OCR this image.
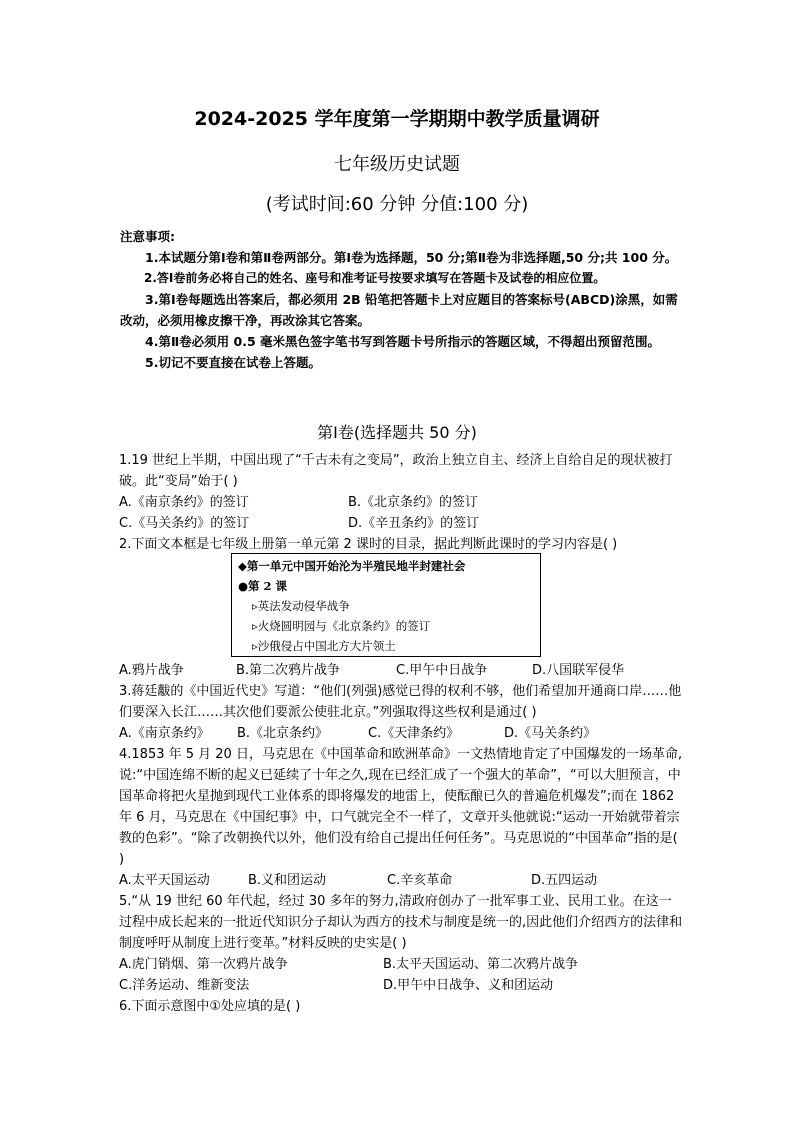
2024-2025 学年度第一学期期中教学质量调研
七年级历史试题
(考试时间:60 分钟 分值:100 分)

注意事项:

1.本试题分第Ⅰ卷和第Ⅱ卷两部分。第Ⅰ卷为选择题，50 分;第Ⅱ卷为非选择题,50 分;共 100 分。

2.答Ⅰ卷前务必将自己的姓名、座号和准考证号按要求填写在答题卡及试卷的相应位置。

3.第Ⅰ卷每题选出答案后，都必须用 2B 铅笔把答题卡上对应题目的答案标号(ABCD)涂黑，如需改动，必须用橡皮擦干净，再改涂其它答案。

4.第Ⅱ卷必须用 0.5 毫米黑色签字笔书写到答题卡号所指示的答题区域，不得超出预留范围。

5.切记不要直接在试卷上答题。

第Ⅰ卷(选择题共 50 分)
1.19 世纪上半期，中国出现了“千古未有之变局”，政治上独立自主、经济上自给自足的现状被打破。此“变局”始于( )
A.《南京条约》的签订	B.《北京条约》的签订
C.《马关条约》的签订	D.《辛丑条约》的签订
2.下面文本框是七年级上册第一单元第 2 课时的目录，据此判断此课时的学习内容是( )
◆第一单元中国开始沦为半殖民地半封建社会
●第 2 课
▹英法发动侵华战争
▹火烧圆明园与《北京条约》的签订
▹沙俄侵占中国北方大片领土
A.鸦片战争	B.第二次鸦片战争	C.甲午中日战争	D.八国联军侵华
3.蒋廷黻的《中国近代史》写道：“他们(列强)感觉已得的权利不够，他们希望加开通商口岸……他们要深入长江……其次他们要派公使驻北京。”列强取得这些权利是通过( )
A.《南京条约》 B.《北京条约》	C.《天津条约》	D.《马关条约》
4.1853 年 5 月 20 日，马克思在《中国革命和欧洲革命》一文热情地肯定了中国爆发的一场革命,说:“中国连绵不断的起义已延续了十年之久,现在已经汇成了一个强大的革命”，“可以大胆预言，中国革命将把火星抛到现代工业体系的即将爆发的地雷上，使酝酿已久的普遍危机爆发”;而在 1862 年 6 月，马克思在《中国纪事》中，口气就完全不一样了，文章开头他就说:“运动一开始就带着宗教的色彩”。“除了改朝换代以外，他们没有给自己提出任何任务”。马克思说的“中国革命”指的是( )
A.太平天国运动	B.义和团运动	C.辛亥革命	D.五四运动
5.“从 19 世纪 60 年代起，经过 30 多年的努力,清政府创办了一批军事工业、民用工业。在这一过程中成长起来的一批近代知识分子却认为西方的技术与制度是统一的,因此他们介绍西方的法律和制度呼吁从制度上进行变革。”材料反映的史实是( )
A.虎门销烟、第一次鸦片战争	B.太平天国运动、第二次鸦片战争
C.洋务运动、维新变法	D.甲午中日战争、义和团运动
6.下面示意图中①处应填的是( )
